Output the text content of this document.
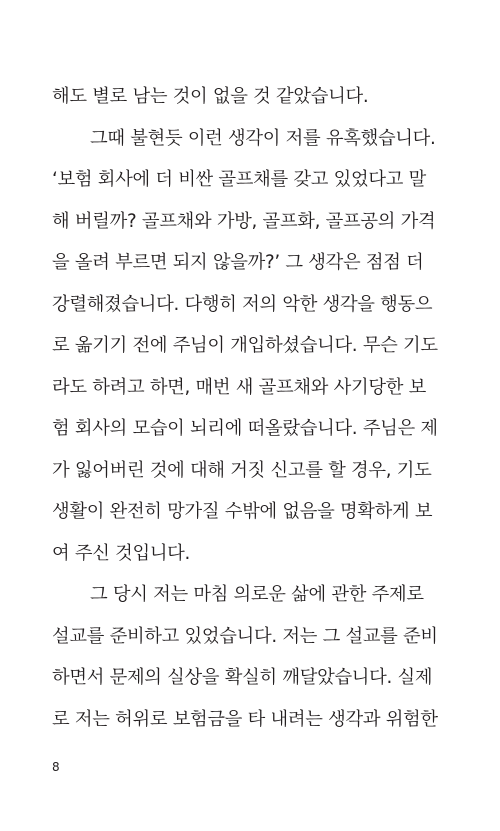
해도 별로 남는 것이 없을 것 같았습니다.
그때 불현듯 이런 생각이 저를 유혹했습니다.
‘보험 회사에 더 비싼 골프채를 갖고 있었다고 말
해 버릴까? 골프채와 가방, 골프화, 골프공의 가격
을 올려 부르면 되지 않을까?’ 그 생각은 점점 더
강렬해졌습니다. 다행히 저의 악한 생각을 행동으
로 옮기기 전에 주님이 개입하셨습니다. 무슨 기도
라도 하려고 하면, 매번 새 골프채와 사기당한 보
험 회사의 모습이 뇌리에 떠올랐습니다. 주님은 제
가 잃어버린 것에 대해 거짓 신고를 할 경우, 기도
생활이 완전히 망가질 수밖에 없음을 명확하게 보
여 주신 것입니다.
그 당시 저는 마침 의로운 삶에 관한 주제로
설교를 준비하고 있었습니다. 저는 그 설교를 준비
하면서 문제의 실상을 확실히 깨달았습니다. 실제
로 저는 허위로 보험금을 타 내려는 생각과 위험한
8
